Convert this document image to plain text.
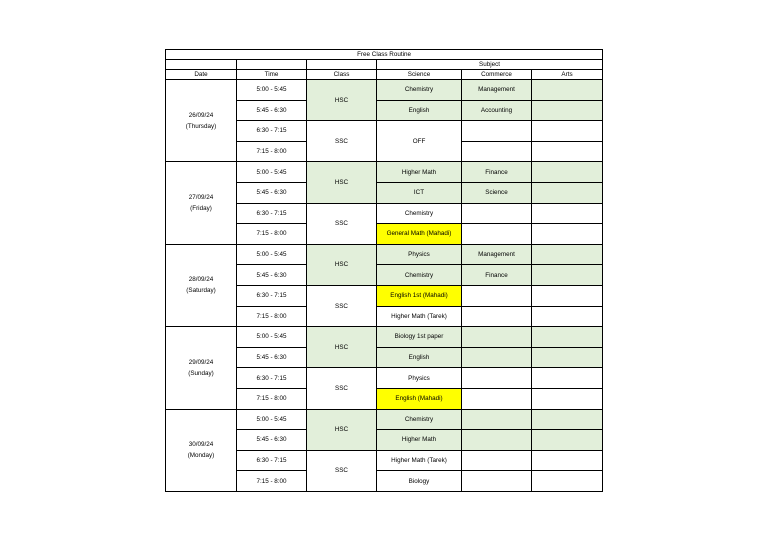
Free Class Routine					
			Subject		
Date	Time	Class	Science	Commerce	Arts

26/09/24
(Thursday)	5:00 - 5:45	HSC	Chemistry	Management	
	5:45 - 6:30		English	Accounting	
	6:30 - 7:15	SSC	OFF		
	7:15 - 8:00				

27/09/24
(Friday)	5:00 - 5:45	HSC	Higher Math	Finance	
	5:45 - 6:30		ICT	Science	
	6:30 - 7:15	SSC	Chemistry		
	7:15 - 8:00		General Math (Mahadi)		

28/09/24
(Saturday)	5:00 - 5:45	HSC	Physics	Management	
	5:45 - 6:30		Chemistry	Finance	
	6:30 - 7:15	SSC	English 1st (Mahadi)		
	7:15 - 8:00		Higher Math (Tarek)		

29/09/24
(Sunday)	5:00 - 5:45	HSC	Biology 1st paper		
	5:45 - 6:30		English		
	6:30 - 7:15	SSC	Physics		
	7:15 - 8:00		English (Mahadi)		

30/09/24
(Monday)	5:00 - 5:45	HSC	Chemistry		
	5:45 - 6:30		Higher Math		
	6:30 - 7:15	SSC	Higher Math (Tarek)		
	7:15 - 8:00		Biology		
